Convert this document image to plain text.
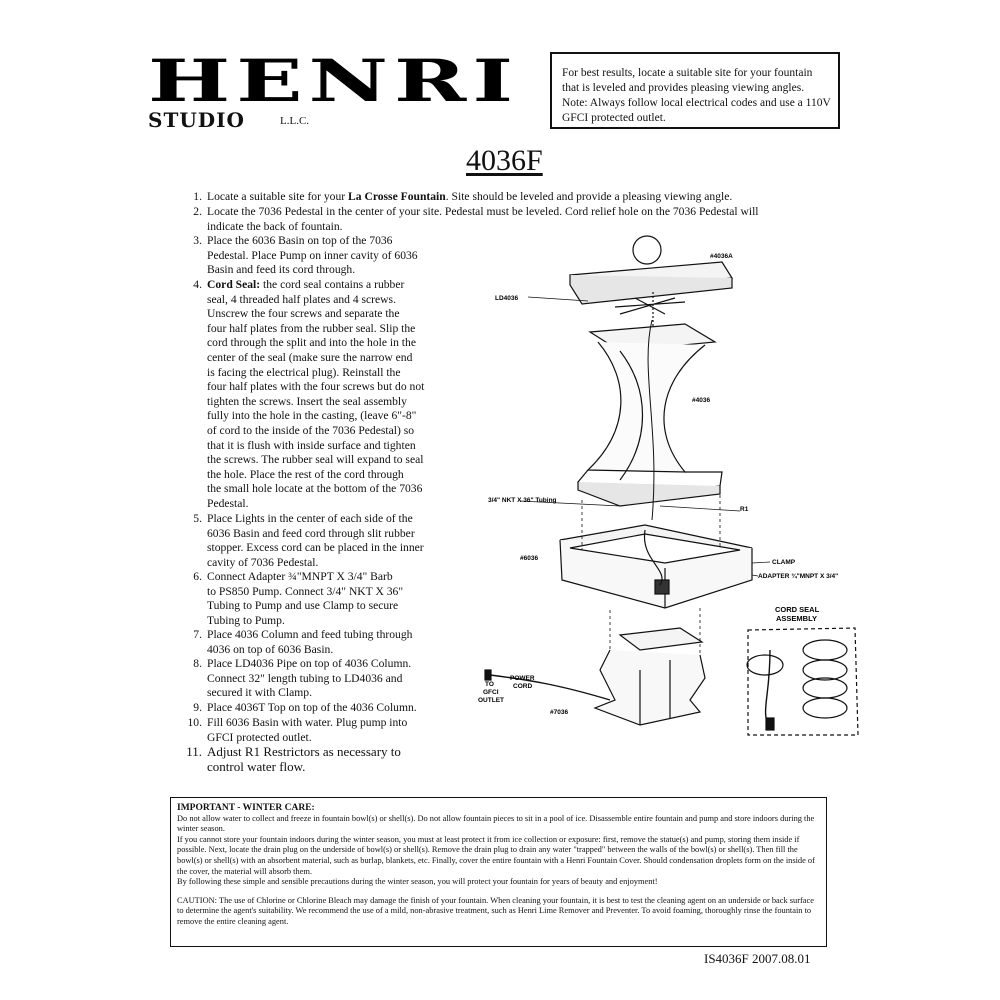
HENRI
STUDIO	L.L.C.

For best results, locate a suitable site for your fountain

that is leveled and provides pleasing viewing angles.

Note: Always follow local electrical codes and use a 110V

GFCI protected outlet.

4036F
1. Locate a suitable site for your La Crosse Fountain. Site should be leveled and provide a pleasing viewing angle.
2. Locate the 7036 Pedestal in the center of your site. Pedestal must be leveled. Cord relief hole on the 7036 Pedestal will
indicate the back of fountain.
3. Place the 6036 Basin on top of the 7036
Pedestal. Place Pump on inner cavity of 6036
Basin and feed its cord through.
4. Cord Seal: the cord seal contains a rubber
seal, 4 threaded half plates and 4 screws.
Unscrew the four screws and separate the
four half plates from the rubber seal. Slip the
cord through the split and into the hole in the
center of the seal (make sure the narrow end
is facing the electrical plug). Reinstall the
four half plates with the four screws but do not
tighten the screws. Insert the seal assembly
fully into the hole in the casting, (leave 6"-8"
of cord to the inside of the 7036 Pedestal) so
that it is flush with inside surface and tighten
the screws. The rubber seal will expand to seal
the hole. Place the rest of the cord through
the small hole locate at the bottom of the 7036
Pedestal.
5. Place Lights in the center of each side of the
6036 Basin and feed cord through slit rubber
stopper. Excess cord can be placed in the inner
cavity of 7036 Pedestal.
6. Connect Adapter ¾"MNPT X 3/4" Barb
to PS850 Pump. Connect 3/4" NKT X 36"
Tubing to Pump and use Clamp to secure
Tubing to Pump.
7. Place 4036 Column and feed tubing through
4036 on top of 6036 Basin.
8. Place LD4036 Pipe on top of 4036 Column.
Connect 32" length tubing to LD4036 and
secured it with Clamp.
9. Place 4036T Top on top of the 4036 Column.
10. Fill 6036 Basin with water. Plug pump into
GFCI protected outlet.
11. Adjust R1 Restrictors as necessary to
control water flow.
#4036A
LD4036
#4036
3/4" NKT X 36" Tubing
R1
#6036
CLAMP
ADAPTER ¾"MNPT X 3/4"
CORD SEAL
ASSEMBLY
POWER
CORD
TO
GFCI
OUTLET
#7036

IMPORTANT - WINTER CARE:

Do not allow water to collect and freeze in fountain bowl(s) or shell(s). Do not allow fountain pieces to sit in a pool of ice. Disassemble entire fountain and pump and store indoors during the winter season.

If you cannot store your fountain indoors during the winter season, you must at least protect it from ice collection or exposure: first, remove the statue(s) and pump, storing them inside if possible. Next, locate the drain plug on the underside of bowl(s) or shell(s). Remove the drain plug to drain any water "trapped" between the walls of the bowl(s) or shell(s). Then fill the bowl(s) or shell(s) with an absorbent material, such as burlap, blankets, etc. Finally, cover the entire fountain with a Henri Fountain Cover. Should condensation droplets form on the inside of the cover, the material will absorb them.

By following these simple and sensible precautions during the winter season, you will protect your fountain for years of beauty and enjoyment!

CAUTION: The use of Chlorine or Chlorine Bleach may damage the finish of your fountain. When cleaning your fountain, it is best to test the cleaning agent on an underside or back surface to determine the agent's suitability. We recommend the use of a mild, non-abrasive treatment, such as Henri Lime Remover and Preventer. To avoid foaming, thoroughly rinse the fountain to remove the entire cleaning agent.

IS4036F 2007.08.01
